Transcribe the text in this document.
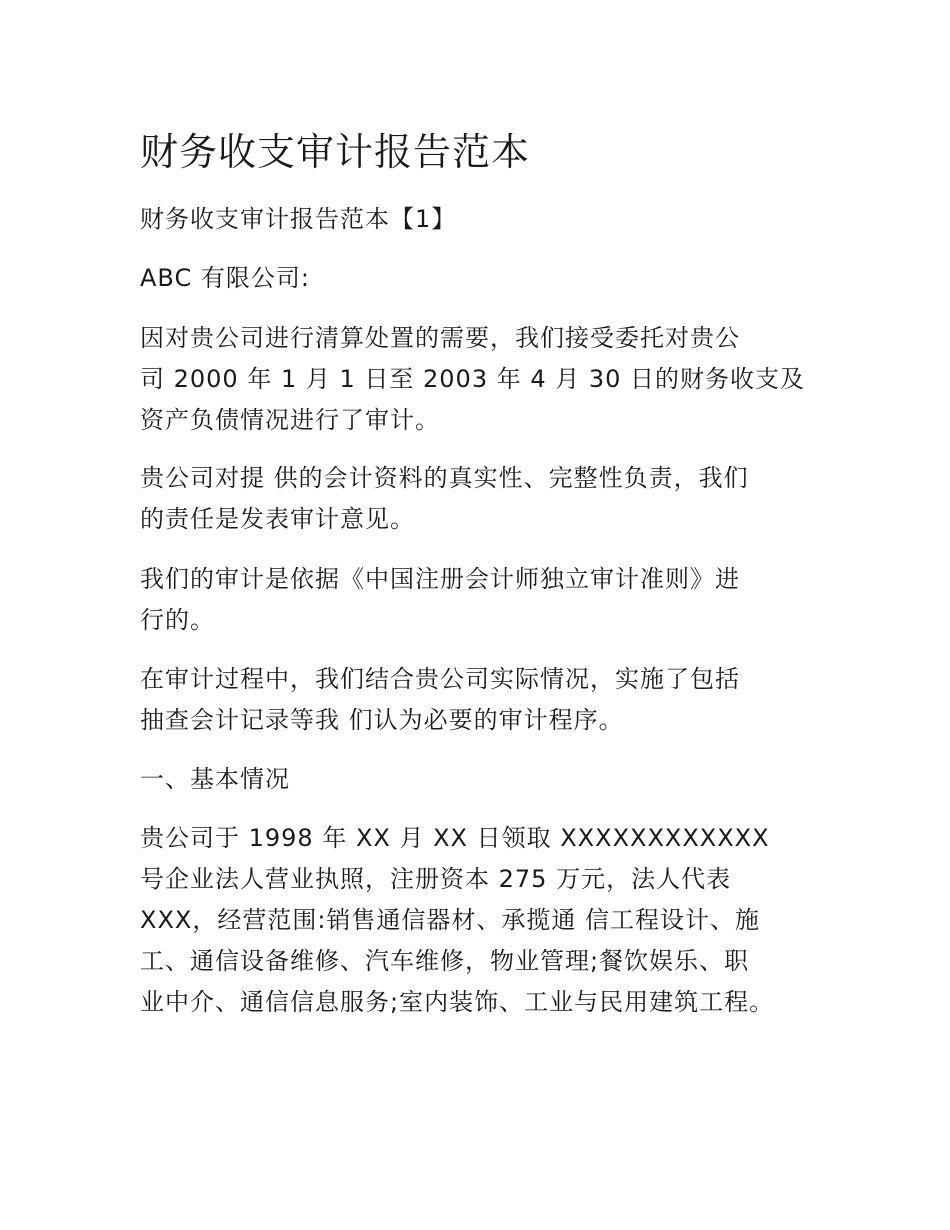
财务收支审计报告范本

财务收支审计报告范本【1】

ABC 有限公司:

因对贵公司进行清算处置的需要，我们接受委托对贵公
司 2000 年 1 月 1 日至 2003 年 4 月 30 日的财务收支及
资产负债情况进行了审计。

贵公司对提 供的会计资料的真实性、完整性负责，我们
的责任是发表审计意见。

我们的审计是依据《中国注册会计师独立审计准则》进
行的。

在审计过程中，我们结合贵公司实际情况，实施了包括
抽查会计记录等我 们认为必要的审计程序。

一、基本情况

贵公司于 1998 年 XX 月 XX 日领取 XXXXXXXXXXXX
号企业法人营业执照，注册资本 275 万元，法人代表
XXX，经营范围:销售通信器材、承揽通 信工程设计、施
工、通信设备维修、汽车维修，物业管理;餐饮娱乐、职
业中介、通信信息服务;室内装饰、工业与民用建筑工程。
